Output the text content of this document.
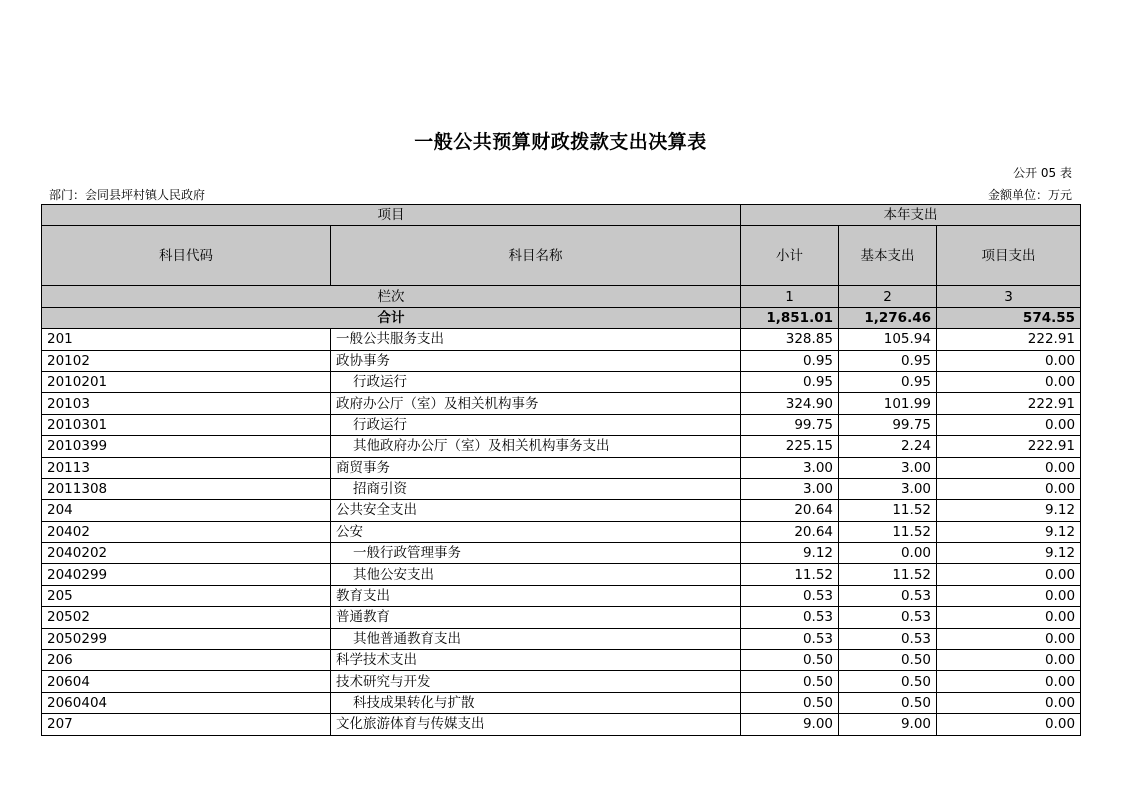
一般公共预算财政拨款支出决算表
公开 05 表
部门：会同县坪村镇人民政府	金额单位：万元
项目		本年支出		
科目代码	科目名称	小计	基本支出	项目支出
栏次		1	2	3
合计		1,851.01	1,276.46	574.55
201	一般公共服务支出	328.85	105.94	222.91
20102	政协事务	0.95	0.95	0.00
2010201	行政运行	0.95	0.95	0.00
20103	政府办公厅（室）及相关机构事务	324.90	101.99	222.91
2010301	行政运行	99.75	99.75	0.00
2010399	其他政府办公厅（室）及相关机构事务支出	225.15	2.24	222.91
20113	商贸事务	3.00	3.00	0.00
2011308	招商引资	3.00	3.00	0.00
204	公共安全支出	20.64	11.52	9.12
20402	公安	20.64	11.52	9.12
2040202	一般行政管理事务	9.12	0.00	9.12
2040299	其他公安支出	11.52	11.52	0.00
205	教育支出	0.53	0.53	0.00
20502	普通教育	0.53	0.53	0.00
2050299	其他普通教育支出	0.53	0.53	0.00
206	科学技术支出	0.50	0.50	0.00
20604	技术研究与开发	0.50	0.50	0.00
2060404	科技成果转化与扩散	0.50	0.50	0.00
207	文化旅游体育与传媒支出	9.00	9.00	0.00
